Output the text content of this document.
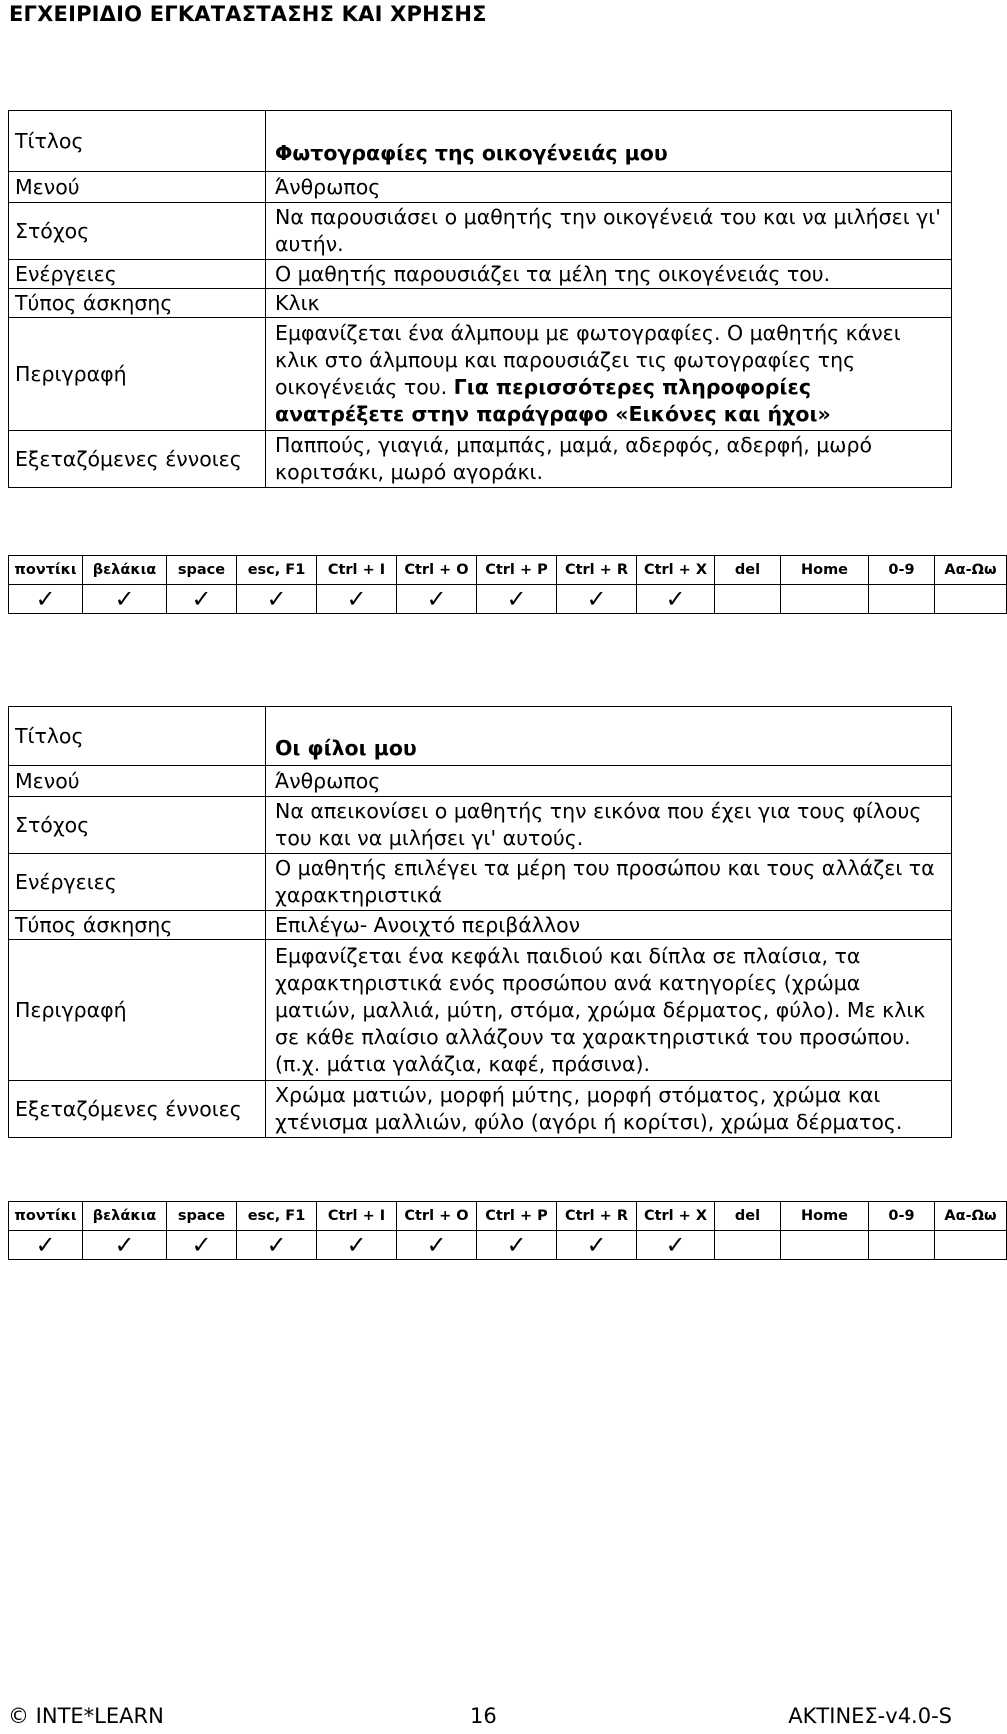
ΕΓΧΕΙΡΙΔΙΟ ΕΓΚΑΤΑΣΤΑΣΗΣ ΚΑΙ ΧΡΗΣΗΣ
Τίτλος	Φωτογραφίες της οικογένειάς μου
Μενού	Άνθρωπος
Στόχος	Να παρουσιάσει ο μαθητής την οικογένειά του και να μιλήσει γι' αυτήν.
Ενέργειες	Ο μαθητής παρουσιάζει τα μέλη της οικογένειάς του.
Τύπος άσκησης	Κλικ
Περιγραφή	Εμφανίζεται ένα άλμπουμ με φωτογραφίες. Ο μαθητής κάνει κλικ στο άλμπουμ και παρουσιάζει τις φωτογραφίες της οικογένειάς του. Για περισσότερες πληροφορίες ανατρέξετε στην παράγραφο «Εικόνες και ήχοι»
Εξεταζόμενες έννοιες	Παππούς, γιαγιά, μπαμπάς, μαμά, αδερφός, αδερφή, μωρό κοριτσάκι, μωρό αγοράκι.
ποντίκι	βελάκια	space	esc, F1	Ctrl + I	Ctrl + O	Ctrl + P	Ctrl + R	Ctrl + X	del	Home	0-9	Αα-Ωω
✓	✓	✓	✓	✓	✓	✓	✓	✓				
Τίτλος	Οι φίλοι μου
Μενού	Άνθρωπος
Στόχος	Να απεικονίσει ο μαθητής την εικόνα που έχει για τους φίλους του και να μιλήσει γι' αυτούς.
Ενέργειες	Ο μαθητής επιλέγει τα μέρη του προσώπου και τους αλλάζει τα χαρακτηριστικά
Τύπος άσκησης	Επιλέγω- Ανοιχτό περιβάλλον
Περιγραφή	Εμφανίζεται ένα κεφάλι παιδιού και δίπλα σε πλαίσια, τα χαρακτηριστικά ενός προσώπου ανά κατηγορίες (χρώμα ματιών, μαλλιά, μύτη, στόμα, χρώμα δέρματος, φύλο). Με κλικ σε κάθε πλαίσιο αλλάζουν τα χαρακτηριστικά του προσώπου. (π.χ. μάτια γαλάζια, καφέ, πράσινα).
Εξεταζόμενες έννοιες	Χρώμα ματιών, μορφή μύτης, μορφή στόματος, χρώμα και χτένισμα μαλλιών, φύλο (αγόρι ή κορίτσι), χρώμα δέρματος.
ποντίκι	βελάκια	space	esc, F1	Ctrl + I	Ctrl + O	Ctrl + P	Ctrl + R	Ctrl + X	del	Home	0-9	Αα-Ωω
✓	✓	✓	✓	✓	✓	✓	✓	✓				
© INTE*LEARN	16	ΑΚΤΙΝΕΣ-v4.0-S
